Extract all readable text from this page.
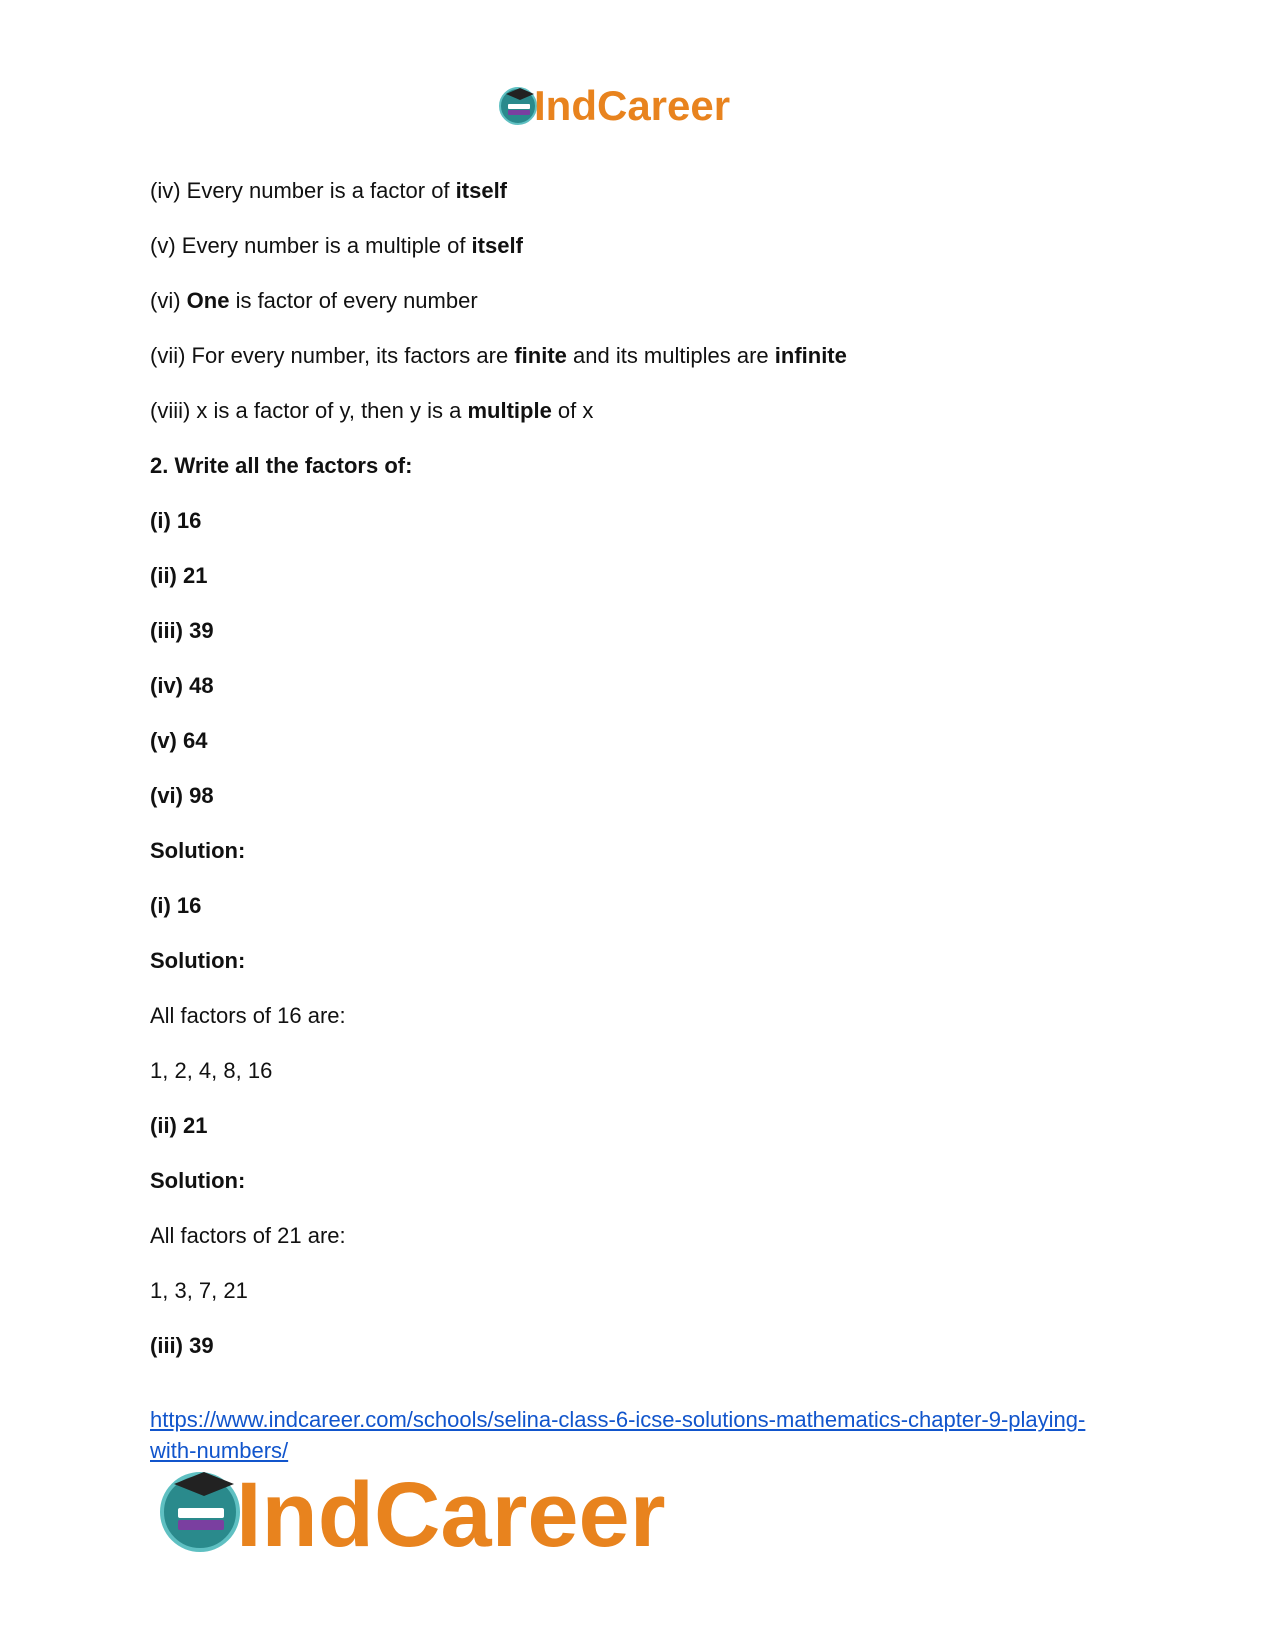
IndCareer
(iv) Every number is a factor of itself
(v) Every number is a multiple of itself
(vi) One is factor of every number
(vii) For every number, its factors are finite and its multiples are infinite
(viii) x is a factor of y, then y is a multiple of x
2. Write all the factors of:
(i) 16
(ii) 21
(iii) 39
(iv) 48
(v) 64
(vi) 98
Solution:
(i) 16
Solution:
All factors of 16 are:
1, 2, 4, 8, 16
(ii) 21
Solution:
All factors of 21 are:
1, 3, 7, 21
(iii) 39
https://www.indcareer.com/schools/selina-class-6-icse-solutions-mathematics-chapter-9-playing-
with-numbers/
IndCareer
